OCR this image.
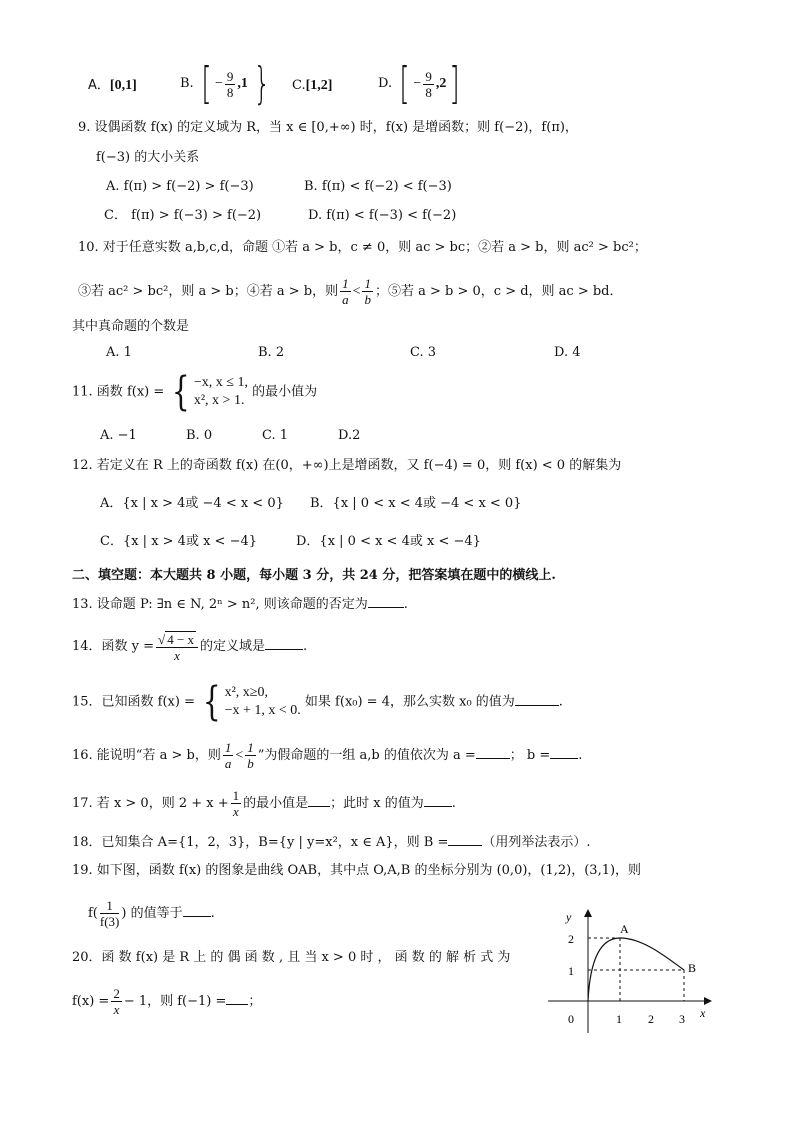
A．[0,1]	B. [ − $\frac{9}{8} ,1$ }	C.[1,2]	D. [ − $\frac{9}{8} ,2$]
9. 设偶函数 f(x) 的定义域为 R，当 x ∈ [0,+∞) 时，f(x) 是增函数；则 f(−2)，f(π)，
f(−3) 的大小关系
A. f(π) > f(−2) > f(−3)	B. f(π) < f(−2) < f(−3)
C． f(π) > f(−3) > f(−2)	D. f(π) < f(−3) < f(−2)
10. 对于任意实数 a,b,c,d，命题 ①若 a > b，c ≠ 0，则 ac > bc；②若 a > b，则 ac² > bc²；
③若 ac² > bc²，则 a > b；④若 a > b，则 $\frac{1}{a} < \frac{1}{b}$ ；⑤若 a > b > 0，c > d，则 ac > bd．
其中真命题的个数是
A. 1	B. 2	C. 3	D. 4
11. 函数 f(x) = { −x, x ≤ 1,
x², x > 1.
的最小值为
A. −1	B. 0	C. 1	D.2
12. 若定义在 R 上的奇函数 f(x) 在(0，+∞)上是增函数，又 f(−4) = 0，则 f(x) < 0 的解集为
A．{x | x > 4或 −4 < x < 0} B．{x | 0 < x < 4或 −4 < x < 0}
C．{x | x > 4或 x < −4}	D．{x | 0 < x < 4或 x < −4}
二、填空题：本大题共 8 小题，每小题 3 分，共 24 分，把答案填在题中的横线上.
13. 设命题 P: ∃n ∈ N, 2ⁿ > n², 则该命题的否定为	.
14．函数 $y = \frac{√ 4 - x}{x}$ 的定义域是	.
15．已知函数 f(x) = { x², x≥0,
−x + 1, x < 0.
如果 f(x₀) = 4，那么实数 x₀ 的值为	.
16. 能说明“若 a > b，则 $\frac{1}{a} < \frac{1}{b}$ ”为假命题的一组 a,b 的值依次为 a =	； b = .
17. 若 x > 0，则 $2 + x + \frac{1}{x}$ 的最小值是 ；此时 x 的值为 .
18．已知集合 A={1，2，3}，B={y | y=x²，x ∈ A}，则 B =	（用列举法表示）.
19. 如下图，函数 f(x) 的图象是曲线 OAB，其中点 O,A,B 的坐标分别为 (0,0)，(1,2)，(3,1)，则
$f( \frac{1}{f(3)}$ ) 的值等于 .
20．函 数 f(x) 是 R 上 的 偶 函 数 , 且 当 x > 0 时 ， 函 数 的 解 析 式 为
$f(x) = \frac{2}{x} - 1$，则 f(−1) = ；
y
x
0
2
1
1 2 3
A
B
